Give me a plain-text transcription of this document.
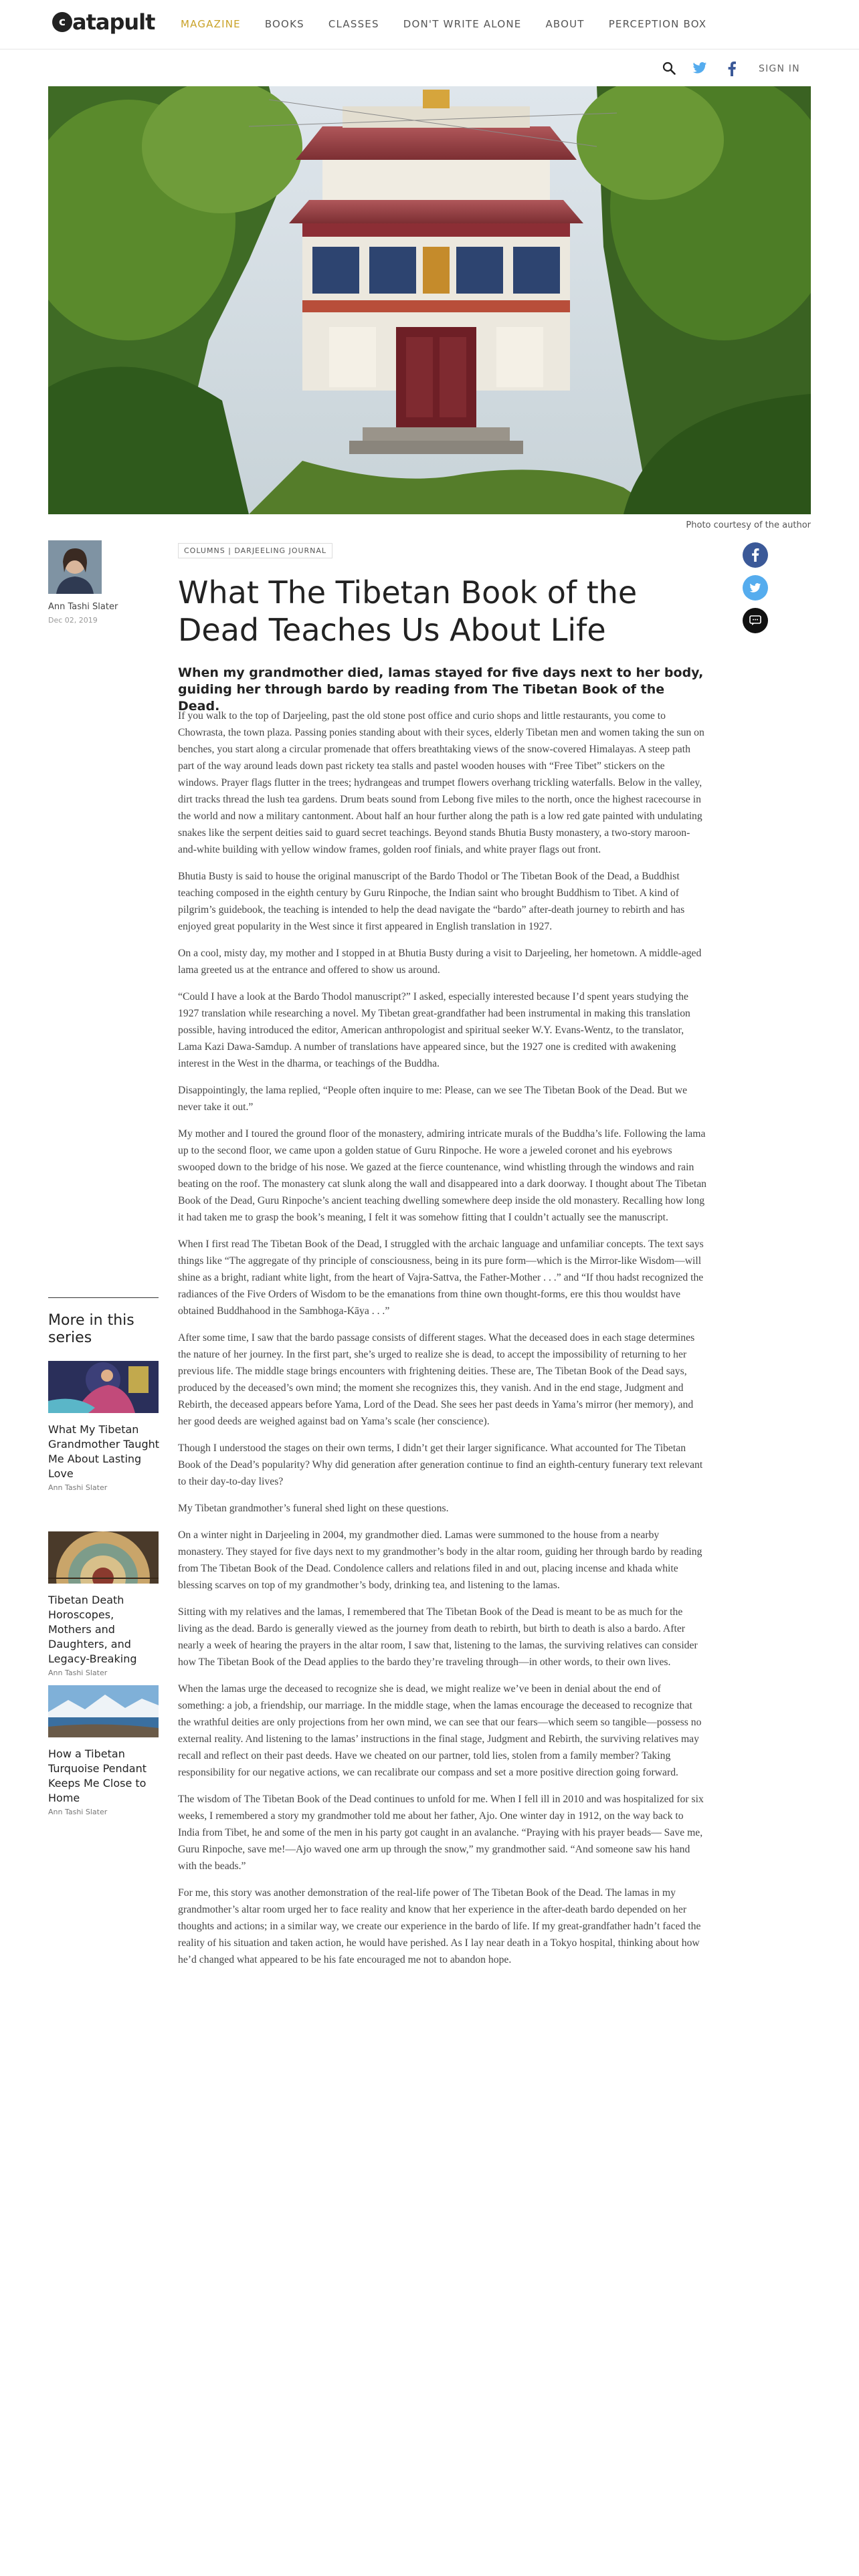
c atapult	MAGAZINE BOOKS CLASSES DON'T WRITE ALONE ABOUT PERCEPTION BOX
SIGN IN
Photo courtesy of the author
Ann Tashi Slater
Dec 02, 2019
COLUMNS | DARJEELING JOURNAL
What The Tibetan Book of the Dead Teaches Us About Life
When my grandmother died, lamas stayed for five days next to her body, guiding her through bardo by reading from The Tibetan Book of the Dead.

If you walk to the top of Darjeeling, past the old stone post office and curio shops and little restaurants, you come to Chowrasta, the town plaza. Passing ponies standing about with their syces, elderly Tibetan men and women taking the sun on benches, you start along a circular promenade that offers breathtaking views of the snow-covered Himalayas. A steep path part of the way around leads down past rickety tea stalls and pastel wooden houses with “Free Tibet” stickers on the windows. Prayer flags flutter in the trees; hydrangeas and trumpet flowers overhang trickling waterfalls. Below in the valley, dirt tracks thread the lush tea gardens. Drum beats sound from Lebong five miles to the north, once the highest racecourse in the world and now a military cantonment. About half an hour further along the path is a low red gate painted with undulating snakes like the serpent deities said to guard secret teachings. Beyond stands Bhutia Busty monastery, a two-story maroon-and-white building with yellow window frames, golden roof finials, and white prayer flags out front.

Bhutia Busty is said to house the original manuscript of the Bardo Thodol or The Tibetan Book of the Dead, a Buddhist teaching composed in the eighth century by Guru Rinpoche, the Indian saint who brought Buddhism to Tibet. A kind of pilgrim’s guidebook, the teaching is intended to help the dead navigate the “bardo” after-death journey to rebirth and has enjoyed great popularity in the West since it first appeared in English translation in 1927.

On a cool, misty day, my mother and I stopped in at Bhutia Busty during a visit to Darjeeling, her hometown. A middle-aged lama greeted us at the entrance and offered to show us around.

“Could I have a look at the Bardo Thodol manuscript?” I asked, especially interested because I’d spent years studying the 1927 translation while researching a novel. My Tibetan great-grandfather had been instrumental in making this translation possible, having introduced the editor, American anthropologist and spiritual seeker W.Y. Evans-Wentz, to the translator, Lama Kazi Dawa-Samdup. A number of translations have appeared since, but the 1927 one is credited with awakening interest in the West in the dharma, or teachings of the Buddha.

Disappointingly, the lama replied, “People often inquire to me: Please, can we see The Tibetan Book of the Dead. But we never take it out.”

My mother and I toured the ground floor of the monastery, admiring intricate murals of the Buddha’s life. Following the lama up to the second floor, we came upon a golden statue of Guru Rinpoche. He wore a jeweled coronet and his eyebrows swooped down to the bridge of his nose. We gazed at the fierce countenance, wind whistling through the windows and rain beating on the roof. The monastery cat slunk along the wall and disappeared into a dark doorway. I thought about The Tibetan Book of the Dead, Guru Rinpoche’s ancient teaching dwelling somewhere deep inside the old monastery. Recalling how long it had taken me to grasp the book’s meaning, I felt it was somehow fitting that I couldn’t actually see the manuscript.

When I first read The Tibetan Book of the Dead, I struggled with the archaic language and unfamiliar concepts. The text says things like “The aggregate of thy principle of consciousness, being in its pure form—which is the Mirror-like Wisdom—will shine as a bright, radiant white light, from the heart of Vajra-Sattva, the Father-Mother . . .” and “If thou hadst recognized the radiances of the Five Orders of Wisdom to be the emanations from thine own thought-forms, ere this thou wouldst have obtained Buddhahood in the Sambhoga-Kāya . . .”

After some time, I saw that the bardo passage consists of different stages. What the deceased does in each stage determines the nature of her journey. In the first part, she’s urged to realize she is dead, to accept the impossibility of returning to her previous life. The middle stage brings encounters with frightening deities. These are, The Tibetan Book of the Dead says, produced by the deceased’s own mind; the moment she recognizes this, they vanish. And in the end stage, Judgment and Rebirth, the deceased appears before Yama, Lord of the Dead. She sees her past deeds in Yama’s mirror (her memory), and her good deeds are weighed against bad on Yama’s scale (her conscience).

Though I understood the stages on their own terms, I didn’t get their larger significance. What accounted for The Tibetan Book of the Dead’s popularity? Why did generation after generation continue to find an eighth-century funerary text relevant to their day-to-day lives?

My Tibetan grandmother’s funeral shed light on these questions.

On a winter night in Darjeeling in 2004, my grandmother died. Lamas were summoned to the house from a nearby monastery. They stayed for five days next to my grandmother’s body in the altar room, guiding her through bardo by reading from The Tibetan Book of the Dead. Condolence callers and relations filed in and out, placing incense and khada white blessing scarves on top of my grandmother’s body, drinking tea, and listening to the lamas.

Sitting with my relatives and the lamas, I remembered that The Tibetan Book of the Dead is meant to be as much for the living as the dead. Bardo is generally viewed as the journey from death to rebirth, but birth to death is also a bardo. After nearly a week of hearing the prayers in the altar room, I saw that, listening to the lamas, the surviving relatives can consider how The Tibetan Book of the Dead applies to the bardo they’re traveling through—in other words, to their own lives.

When the lamas urge the deceased to recognize she is dead, we might realize we’ve been in denial about the end of something: a job, a friendship, our marriage. In the middle stage, when the lamas encourage the deceased to recognize that the wrathful deities are only projections from her own mind, we can see that our fears—which seem so tangible—possess no external reality. And listening to the lamas’ instructions in the final stage, Judgment and Rebirth, the surviving relatives may recall and reflect on their past deeds. Have we cheated on our partner, told lies, stolen from a family member? Taking responsibility for our negative actions, we can recalibrate our compass and set a more positive direction going forward.

The wisdom of The Tibetan Book of the Dead continues to unfold for me. When I fell ill in 2010 and was hospitalized for six weeks, I remembered a story my grandmother told me about her father, Ajo. One winter day in 1912, on the way back to India from Tibet, he and some of the men in his party got caught in an avalanche. “Praying with his prayer beads— Save me, Guru Rinpoche, save me!—Ajo waved one arm up through the snow,” my grandmother said. “And someone saw his hand with the beads.”

For me, this story was another demonstration of the real-life power of The Tibetan Book of the Dead. The lamas in my grandmother’s altar room urged her to face reality and know that her experience in the after-death bardo depended on her thoughts and actions; in a similar way, we create our experience in the bardo of life. If my great-grandfather hadn’t faced the reality of his situation and taken action, he would have perished. As I lay near death in a Tokyo hospital, thinking about how he’d changed what appeared to be his fate encouraged me not to abandon hope.

More in this series
What My Tibetan Grandmother Taught Me About Lasting Love
Ann Tashi Slater
Tibetan Death Horoscopes, Mothers and Daughters, and Legacy-Breaking
Ann Tashi Slater
How a Tibetan Turquoise Pendant Keeps Me Close to Home
Ann Tashi Slater
